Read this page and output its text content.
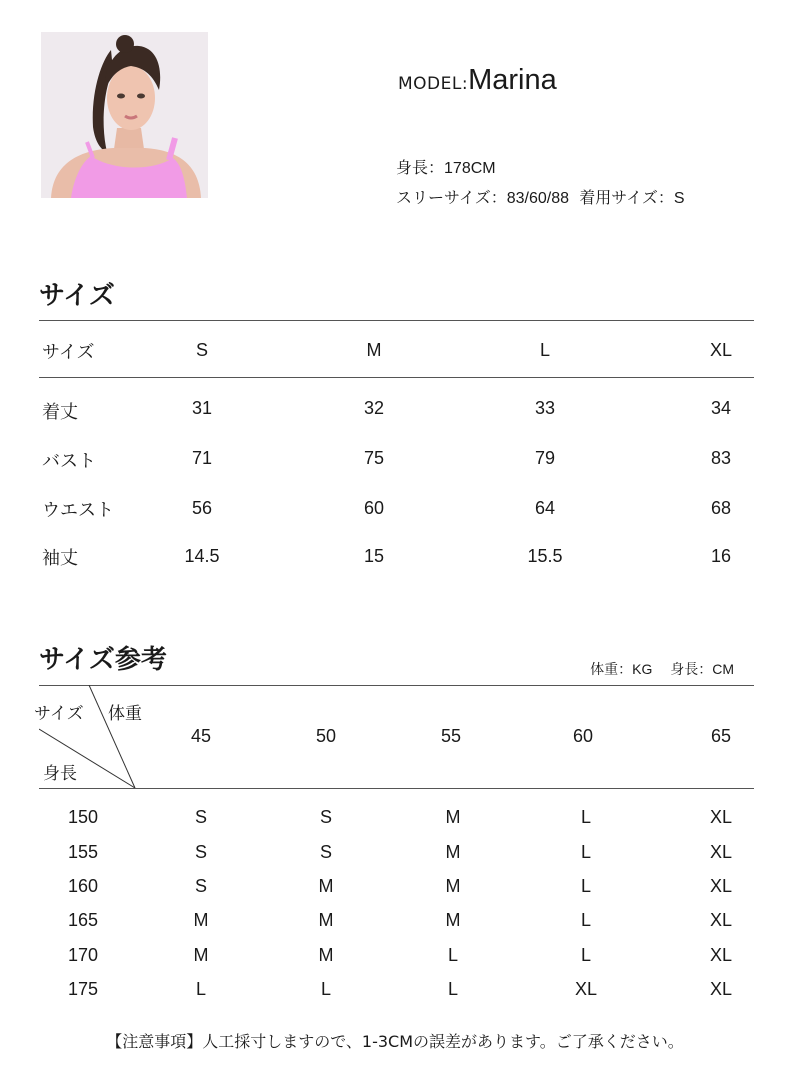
MODEL:Marina
身長：178CM
スリーサイズ：83/60/88 着用サイズ：S
サイズ
サイズ	S	M	L	XL
着丈	31	32	33	34
バスト	71	75	79	83
ウエスト	56	60	64	68
袖丈	14.5	15	15.5	16
サイズ参考	体重：KG 身長：CM
サイズ 体重
身長
45	50	55	60	65
150	S	S	M	L	XL
155	S	S	M	L	XL
160	S	M	M	L	XL
165	M	M	M	L	XL
170	M	M	L	L	XL
175	L	L	L	XL	XL
【注意事項】人工採寸しますので、1-3CMの誤差があります。ご了承ください。
